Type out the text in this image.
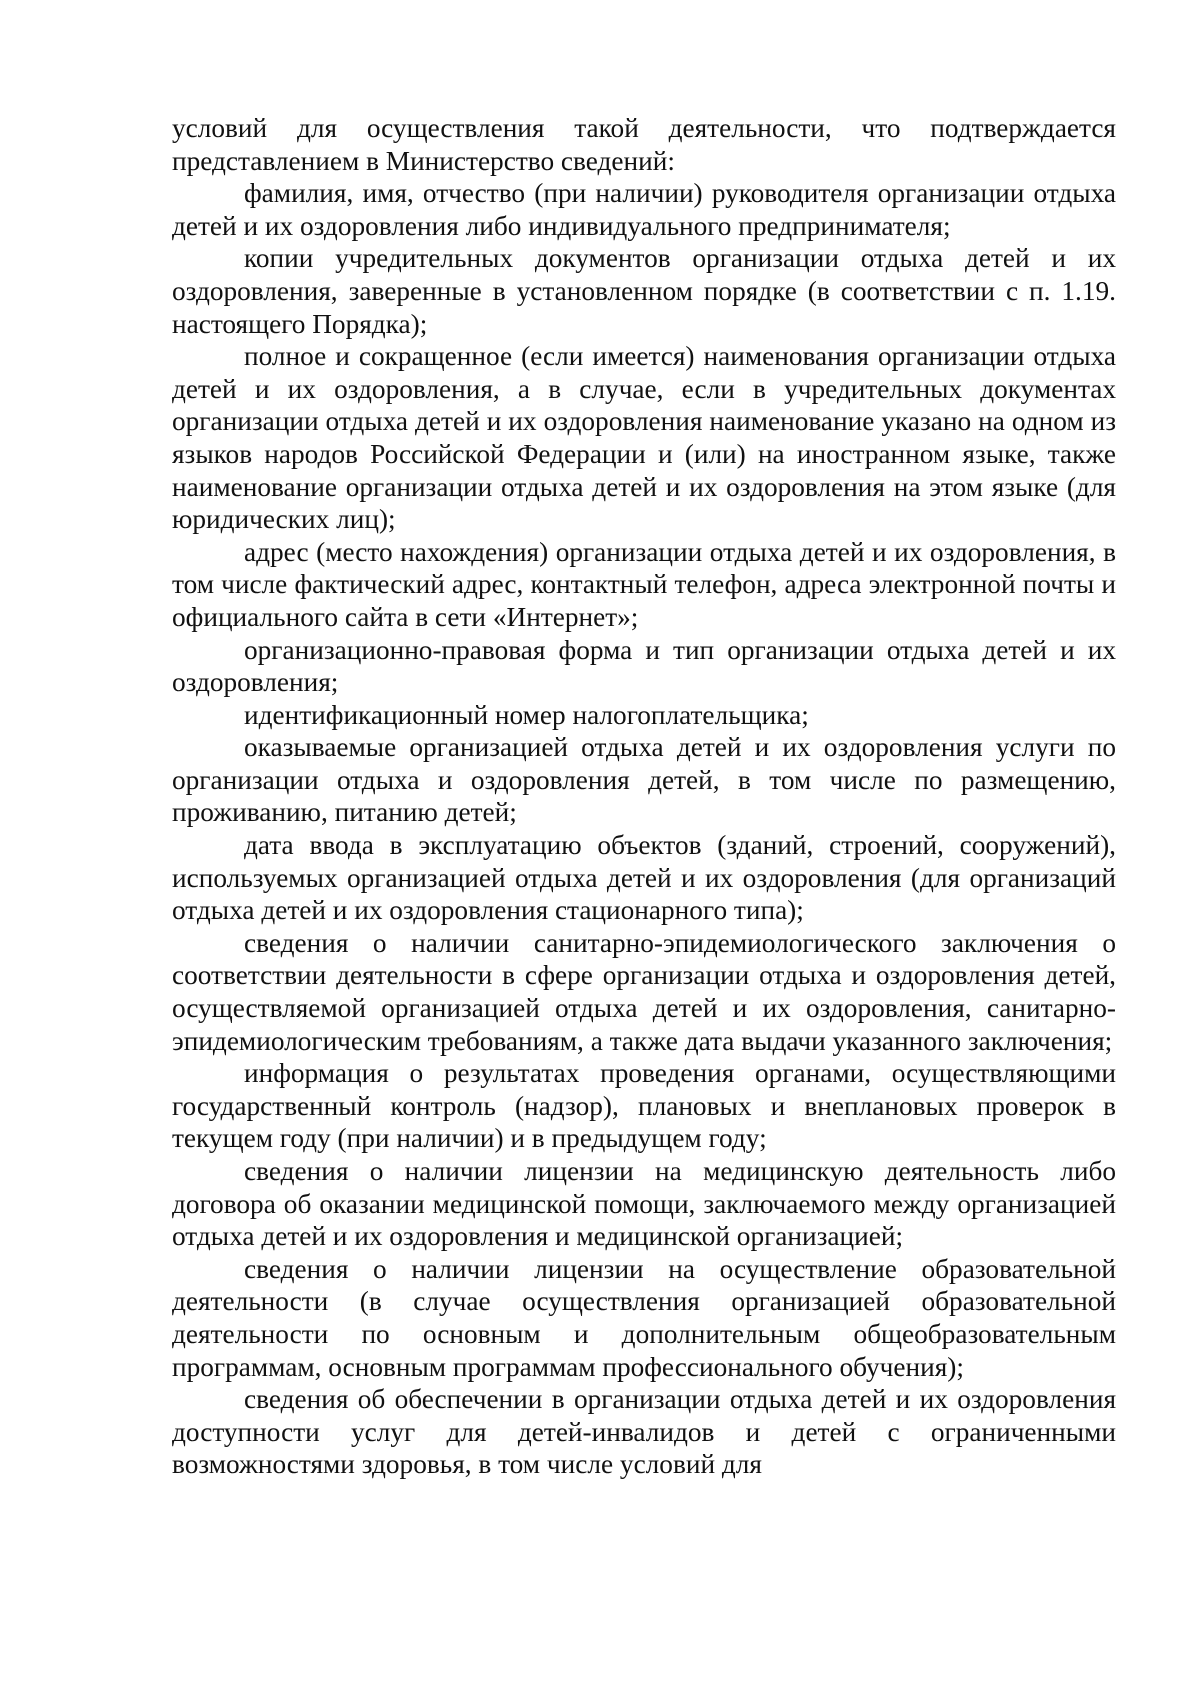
условий для осуществления такой деятельности, что подтверждается представлением в Министерство сведений:

фамилия, имя, отчество (при наличии) руководителя организации отдыха детей и их оздоровления либо индивидуального предпринимателя;

копии учредительных документов организации отдыха детей и их оздоровления, заверенные в установленном порядке (в соответствии с п. 1.19. настоящего Порядка);

полное и сокращенное (если имеется) наименования организации отдыха детей и их оздоровления, а в случае, если в учредительных документах организации отдыха детей и их оздоровления наименование указано на одном из языков народов Российской Федерации и (или) на иностранном языке, также наименование организации отдыха детей и их оздоровления на этом языке (для юридических лиц);

адрес (место нахождения) организации отдыха детей и их оздоровления, в том числе фактический адрес, контактный телефон, адреса электронной почты и официального сайта в сети «Интернет»;

организационно-правовая форма и тип организации отдыха детей и их оздоровления;

идентификационный номер налогоплательщика;

оказываемые организацией отдыха детей и их оздоровления услуги по организации отдыха и оздоровления детей, в том числе по размещению, проживанию, питанию детей;

дата ввода в эксплуатацию объектов (зданий, строений, сооружений), используемых организацией отдыха детей и их оздоровления (для организаций отдыха детей и их оздоровления стационарного типа);

сведения о наличии санитарно-эпидемиологического заключения о соответствии деятельности в сфере организации отдыха и оздоровления детей, осуществляемой организацией отдыха детей и их оздоровления, санитарно-эпидемиологическим требованиям, а также дата выдачи указанного заключения;

информация о результатах проведения органами, осуществляющими государственный контроль (надзор), плановых и внеплановых проверок в текущем году (при наличии) и в предыдущем году;

сведения о наличии лицензии на медицинскую деятельность либо договора об оказании медицинской помощи, заключаемого между организацией отдыха детей и их оздоровления и медицинской организацией;

сведения о наличии лицензии на осуществление образовательной деятельности (в случае осуществления организацией образовательной деятельности по основным и дополнительным общеобразовательным программам, основным программам профессионального обучения);

сведения об обеспечении в организации отдыха детей и их оздоровления доступности услуг для детей-инвалидов и детей с ограниченными возможностями здоровья, в том числе условий для
